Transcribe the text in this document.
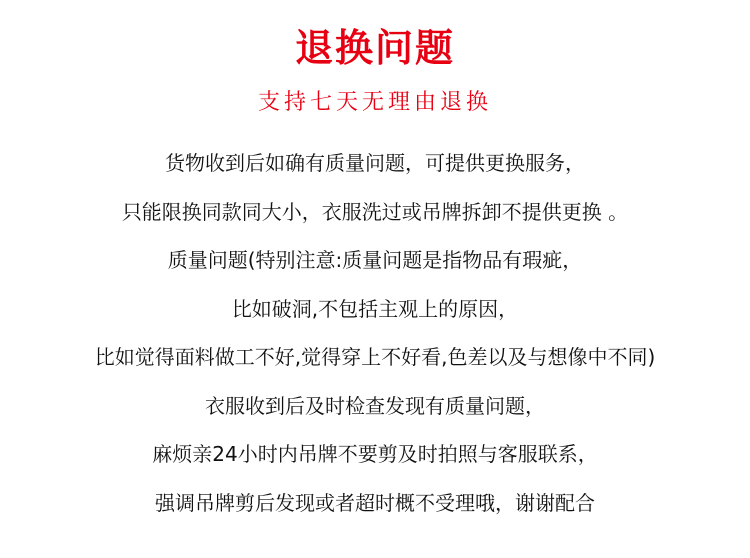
退换问题
支持七天无理由退换
货物收到后如确有质量问题，可提供更换服务，
只能限换同款同大小，衣服洗过或吊牌拆卸不提供更换 。
质量问题(特别注意:质量问题是指物品有瑕疵，
比如破洞,不包括主观上的原因，
比如觉得面料做工不好,觉得穿上不好看,色差以及与想像中不同)
衣服收到后及时检查发现有质量问题，
麻烦亲24小时内吊牌不要剪及时拍照与客服联系，
强调吊牌剪后发现或者超时概不受理哦，谢谢配合
